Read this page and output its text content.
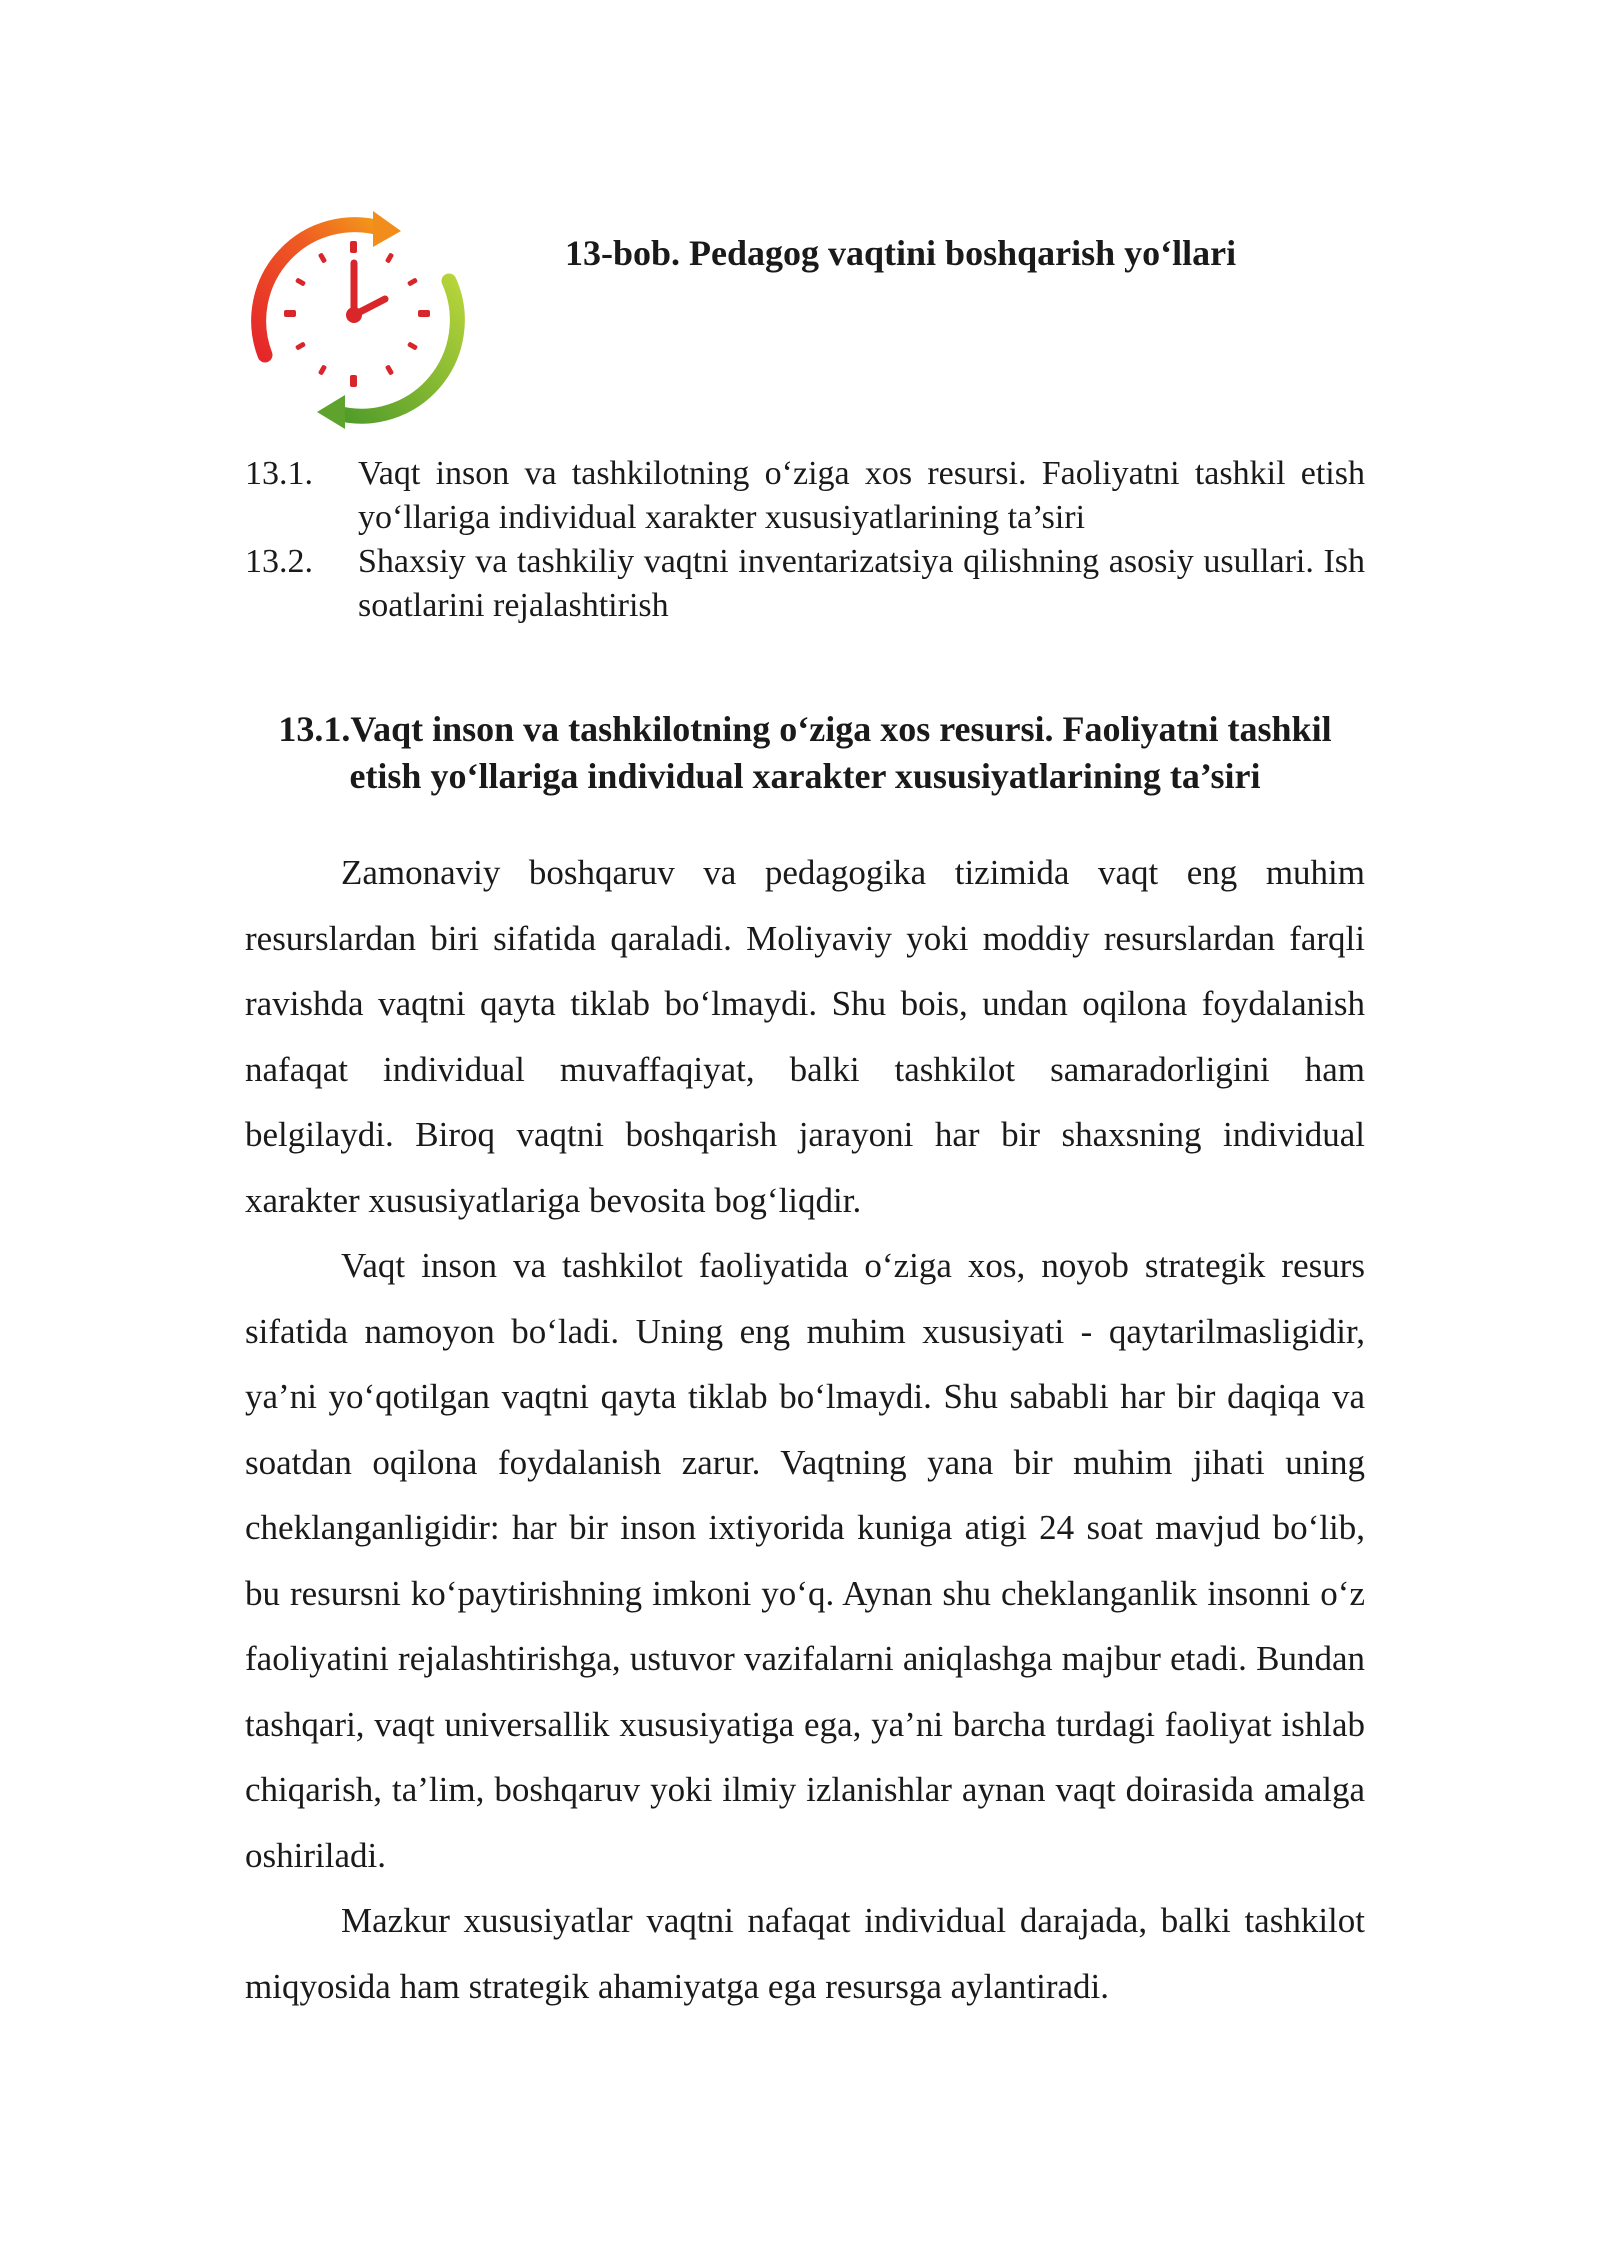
13-bob. Pedagog vaqtini boshqarish yo‘llari
13.1.	Vaqt inson va tashkilotning o‘ziga xos resursi. Faoliyatni tashkil etish yo‘llariga individual xarakter xususiyatlarining ta’siri
13.2.	Shaxsiy va tashkiliy vaqtni inventarizatsiya qilishning asosiy usullari. Ish soatlarini rejalashtirish
13.1.Vaqt inson va tashkilotning o‘ziga xos resursi. Faoliyatni tashkil etish yo‘llariga individual xarakter xususiyatlarining ta’siri

Zamonaviy boshqaruv va pedagogika tizimida vaqt eng muhim resurslardan biri sifatida qaraladi. Moliyaviy yoki moddiy resurslardan farqli ravishda vaqtni qayta tiklab bo‘lmaydi. Shu bois, undan oqilona foydalanish nafaqat individual muvaffaqiyat, balki tashkilot samaradorligini ham belgilaydi. Biroq vaqtni boshqarish jarayoni har bir shaxsning individual xarakter xususiyatlariga bevosita bog‘liqdir.

Vaqt inson va tashkilot faoliyatida o‘ziga xos, noyob strategik resurs sifatida namoyon bo‘ladi. Uning eng muhim xususiyati - qaytarilmasligidir, ya’ni yo‘qotilgan vaqtni qayta tiklab bo‘lmaydi. Shu sababli har bir daqiqa va soatdan oqilona foydalanish zarur. Vaqtning yana bir muhim jihati uning cheklanganligidir: har bir inson ixtiyorida kuniga atigi 24 soat mavjud bo‘lib, bu resursni ko‘paytirishning imkoni yo‘q. Aynan shu cheklanganlik insonni o‘z faoliyatini rejalashtirishga, ustuvor vazifalarni aniqlashga majbur etadi. Bundan tashqari, vaqt universallik xususiyatiga ega, ya’ni barcha turdagi faoliyat ishlab chiqarish, ta’lim, boshqaruv yoki ilmiy izlanishlar aynan vaqt doirasida amalga oshiriladi.

Mazkur xususiyatlar vaqtni nafaqat individual darajada, balki tashkilot miqyosida ham strategik ahamiyatga ega resursga aylantiradi.
